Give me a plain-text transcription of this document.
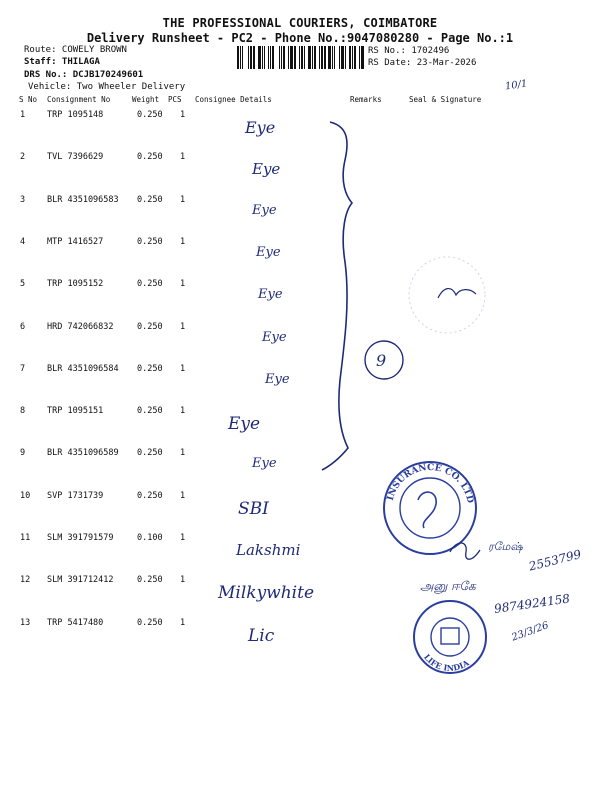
THE PROFESSIONAL COURIERS, COIMBATORE
Delivery Runsheet - PC2 - Phone No.:9047080280 - Page No.:1
Route: COWELY BROWN
Staff: THILAGA
DRS No.: DCJB170249601
Vehicle: Two Wheeler Delivery
RS No.: 1702496
RS Date: 23-Mar-2026
10/1
S No Consignment No	Weight PCS Consignee Details	Remarks	Seal & Signature
1	TRP 1095148	0.250 1
Eye
2	TVL 7396629	0.250 1
Eye
3	BLR 4351096583 0.250 1
Eye
4	MTP 1416527	0.250 1
Eye
5	TRP 1095152	0.250 1
Eye
6	HRD 742066832	0.250 1
Eye
7	BLR 4351096584 0.250 1
Eye
8	TRP 1095151	0.250 1
Eye
9	BLR 4351096589 0.250 1
Eye
10 SVP 1731739	0.250 1
SBI
11 SLM 391791579	0.100 1
Lakshmi
12 SLM 391712412	0.250 1
Milkywhite
13 TRP 5417480	0.250 1
Lic
9
INSURANCE CO. LTD
ரமேஷ்
2553799
அனு ஈகே
9874924158
23/3/26
LIFE INDIA
